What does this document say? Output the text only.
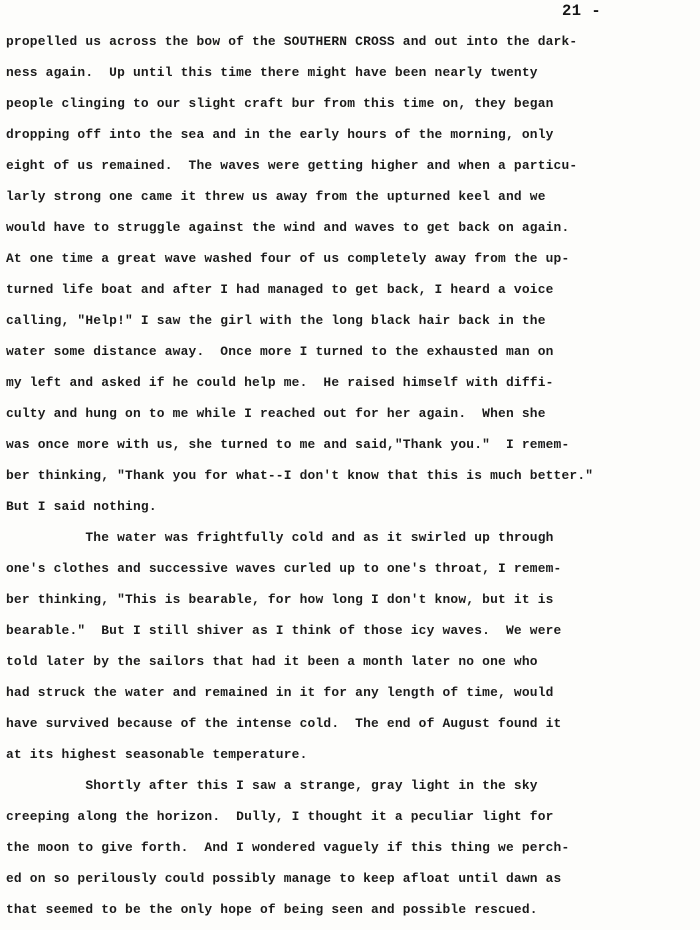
21 -
propelled us across the bow of the SOUTHERN CROSS and out into the dark-
ness again.  Up until this time there might have been nearly twenty
people clinging to our slight craft bur from this time on, they began
dropping off into the sea and in the early hours of the morning, only
eight of us remained.  The waves were getting higher and when a particu-
larly strong one came it threw us away from the upturned keel and we
would have to struggle against the wind and waves to get back on again.
At one time a great wave washed four of us completely away from the up-
turned life boat and after I had managed to get back, I heard a voice
calling, "Help!" I saw the girl with the long black hair back in the
water some distance away.  Once more I turned to the exhausted man on
my left and asked if he could help me.  He raised himself with diffi-
culty and hung on to me while I reached out for her again.  When she
was once more with us, she turned to me and said,"Thank you."  I remem-
ber thinking, "Thank you for what--I don't know that this is much better."
But I said nothing.
The water was frightfully cold and as it swirled up through
one's clothes and successive waves curled up to one's throat, I remem-
ber thinking, "This is bearable, for how long I don't know, but it is
bearable."  But I still shiver as I think of those icy waves.  We were
told later by the sailors that had it been a month later no one who
had struck the water and remained in it for any length of time, would
have survived because of the intense cold.  The end of August found it
at its highest seasonable temperature.
Shortly after this I saw a strange, gray light in the sky
creeping along the horizon.  Dully, I thought it a peculiar light for
the moon to give forth.  And I wondered vaguely if this thing we perch-
ed on so perilously could possibly manage to keep afloat until dawn as
that seemed to be the only hope of being seen and possible rescued.
